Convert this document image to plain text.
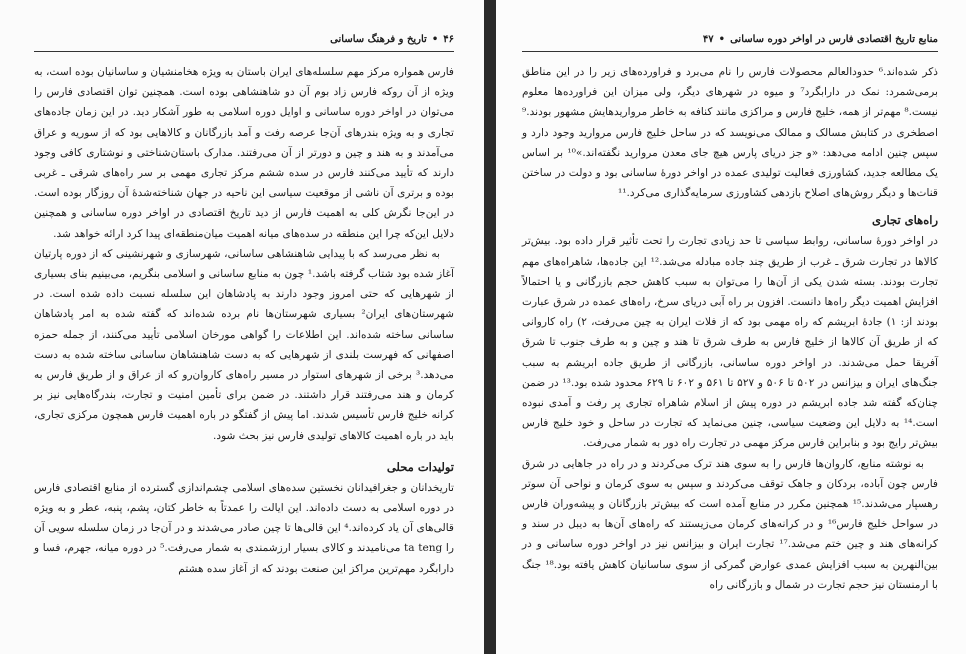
۴۶
•
تاریخ و فرهنگ ساسانی

فارس همواره مرکز مهم سلسله‌های ایران باستان به ویژه هخامنشیان و ساسانیان بوده است، به ویژه از آن روکه فارس زاد بوم آن دو شاهنشاهی بوده است. همچنین توان اقتصادی فارس را می‌توان در اواخر دوره ساسانی و اوایل دوره اسلامی به طور آشکار دید. در این زمان جاده‌های تجاری و به ویژه بندرهای آن‌جا عرصه رفت و آمد بازرگانان و کالاهایی بود که از سوریه و عراق می‌آمدند و به هند و چین و دورتر از آن می‌رفتند. مدارک باستان‌شناختی و نوشتاری کافی وجود دارند که تأیید می‌کنند فارس در سده ششم مرکز تجاری مهمی بر سر راه‌های شرقی ـ غربی بوده و برتری آن ناشی از موقعیت سیاسی این ناحیه در جهان شناخته‌شدهٔ آن روزگار بوده است. در این‌جا نگرش کلی به اهمیت فارس از دید تاریخ اقتصادی در اواخر دوره ساسانی و همچنین دلایل این‌که چرا این منطقه در سده‌های میانه اهمیت میان‌منطقه‌ای پیدا کرد ارائه خواهد شد.

به نظر می‌رسد که با پیدایی شاهنشاهی ساسانی، شهرسازی و شهرنشینی که از دوره پارتیان آغاز شده بود شتاب گرفته باشد.¹ چون به منابع ساسانی و اسلامی بنگریم، می‌بینیم بنای بسیاری از شهرهایی که حتی امروز وجود دارند به پادشاهان این سلسله نسبت داده شده است. در شهرستان‌های ایران² بسیاری شهرستان‌ها نام برده شده‌اند که گفته شده به امر پادشاهان ساسانی ساخته شده‌اند. این اطلاعات را گواهی مورخان اسلامی تأیید می‌کنند، از جمله حمزه اصفهانی که فهرست بلندی از شهرهایی که به دست شاهنشاهان ساسانی ساخته شده به دست می‌دهد.³ برخی از شهرهای استوار در مسیر راه‌های کاروان‌رو که از عراق و از طریق فارس به کرمان و هند می‌رفتند قرار داشتند. در ضمن برای تأمین امنیت و تجارت، بندرگاه‌هایی نیز بر کرانه خلیج فارس تأسیس شدند. اما پیش از گفتگو در باره اهمیت فارس همچون مرکزی تجاری، باید در باره اهمیت کالاهای تولیدی فارس نیز بحث شود.

تولیدات محلی

تاریخدانان و جغرافیدانان نخستین سده‌های اسلامی چشم‌اندازی گسترده از منابع اقتصادی فارس در دوره اسلامی به دست داده‌اند. این ایالت را عمدتاً به خاطر کتان، پشم، پنبه، عطر و به ویژه قالی‌های آن یاد کرده‌اند.⁴ این قالی‌ها تا چین صادر می‌شدند و در آن‌جا در زمان سلسله سویی آن را ta teng می‌نامیدند و کالای بسیار ارزشمندی به شمار می‌رفت.⁵ در دوره میانه، جهرم، فسا و دارابگرد مهم‌ترین مراکز این صنعت بودند که از آغاز سده هشتم

منابع تاریخ اقتصادی فارس در اواخر دوره ساسانی
•
۴۷

ذکر شده‌اند.⁶ حدودالعالم محصولات فارس را نام می‌برد و فراورده‌های زیر را در این مناطق برمی‌شمرد: نمک در دارابگرد⁷ و میوه در شهرهای دیگر، ولی میزان این فراورده‌ها معلوم نیست.⁸ مهم‌تر از همه، خلیج فارس و مراکزی مانند کنافه به خاطر مرواریدهایش مشهور بودند.⁹ اصطخری در کتابش مسالک و ممالک می‌نویسد که در ساحل خلیج فارس مروارید وجود دارد و سپس چنین ادامه می‌دهد: «و جز دریای پارس هیچ جای معدن مروارید نگفته‌اند.»¹⁰ بر اساس یک مطالعه جدید، کشاورزی فعالیت تولیدی عمده در اواخر دورهٔ ساسانی بود و دولت در ساختن قنات‌ها و دیگر روش‌های اصلاح بازدهی کشاورزی سرمایه‌گذاری می‌کرد.¹¹

راه‌های تجاری

در اواخر دورهٔ ساسانی، روابط سیاسی تا حد زیادی تجارت را تحت تأثیر قرار داده بود. بیش‌تر کالاها در تجارت شرق ـ غرب از طریق چند جاده مبادله می‌شد.¹² این جاده‌ها، شاهراه‌های مهم تجارت بودند. بسته شدن یکی از آن‌ها را می‌توان به سبب کاهش حجم بازرگانی و یا احتمالاً افزایش اهمیت دیگر راه‌ها دانست. افزون بر راه آبی دریای سرخ، راه‌های عمده در شرق عبارت بودند از: ۱) جادهٔ ابریشم که راه مهمی بود که از فلات ایران به چین می‌رفت، ۲) راه کاروانی که از طریق آن کالاها از خلیج فارس به طرف شرق تا هند و چین و به طرف جنوب تا شرق آفریقا حمل می‌شدند. در اواخر دوره ساسانی، بازرگانی از طریق جاده ابریشم به سبب جنگ‌های ایران و بیزانس در ۵۰۲ تا ۵۰۶ و ۵۲۷ تا ۵۶۱ و ۶۰۲ تا ۶۲۹ محدود شده بود.¹³ در ضمن چنان‌که گفته شد جاده ابریشم در دوره پیش از اسلام شاهراه تجاری پر رفت و آمدی نبوده است.¹⁴ به دلایل این وضعیت سیاسی، چنین می‌نماید که تجارت در ساحل و خود خلیج فارس بیش‌تر رایج بود و بنابراین فارس مرکز مهمی در تجارت راه دور به شمار می‌رفت.

به نوشته منابع، کاروان‌ها فارس را به سوی هند ترک می‌کردند و در راه در جاهایی در شرق فارس چون آباده، بردکان و جاهک توقف می‌کردند و سپس به سوی کرمان و نواحی آن سوتر رهسپار می‌شدند.¹⁵ همچنین مکرر در منابع آمده است که بیش‌تر بازرگانان و پیشه‌وران فارس در سواحل خلیج فارس¹⁶ و در کرانه‌های کرمان می‌زیستند که راه‌های آن‌ها به دیبل در سند و کرانه‌های هند و چین ختم می‌شد.¹⁷ تجارت ایران و بیزانس نیز در اواخر دوره ساسانی و در بین‌النهرین به سبب افزایش عمدی عوارض گمرکی از سوی ساسانیان کاهش یافته بود.¹⁸ جنگ با ارمنستان نیز حجم تجارت در شمال و بازرگانی راه
